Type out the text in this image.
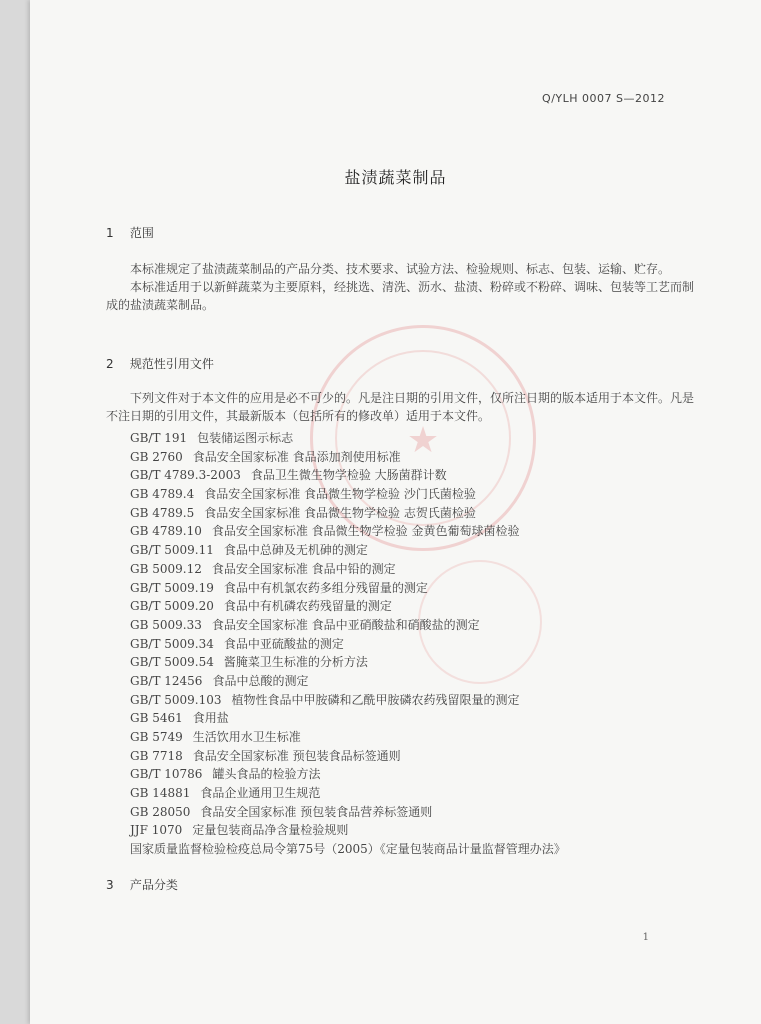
★
Q/YLH 0007 S—2012
盐渍蔬菜制品
1 范围

本标准规定了盐渍蔬菜制品的产品分类、技术要求、试验方法、检验规则、标志、包装、运输、贮存。

本标准适用于以新鲜蔬菜为主要原料，经挑选、清洗、沥水、盐渍、粉碎或不粉碎、调味、包装等工艺而制成的盐渍蔬菜制品。

2 规范性引用文件

下列文件对于本文件的应用是必不可少的。凡是注日期的引用文件，仅所注日期的版本适用于本文件。凡是不注日期的引用文件，其最新版本（包括所有的修改单）适用于本文件。

GB/T 191 包装储运图示标志
GB 2760 食品安全国家标准 食品添加剂使用标准
GB/T 4789.3-2003 食品卫生微生物学检验 大肠菌群计数
GB 4789.4 食品安全国家标准 食品微生物学检验 沙门氏菌检验
GB 4789.5 食品安全国家标准 食品微生物学检验 志贺氏菌检验
GB 4789.10 食品安全国家标准 食品微生物学检验 金黄色葡萄球菌检验
GB/T 5009.11 食品中总砷及无机砷的测定
GB 5009.12 食品安全国家标准 食品中铅的测定
GB/T 5009.19 食品中有机氯农药多组分残留量的测定
GB/T 5009.20 食品中有机磷农药残留量的测定
GB 5009.33 食品安全国家标准 食品中亚硝酸盐和硝酸盐的测定
GB/T 5009.34 食品中亚硫酸盐的测定
GB/T 5009.54 酱腌菜卫生标准的分析方法
GB/T 12456 食品中总酸的测定
GB/T 5009.103 植物性食品中甲胺磷和乙酰甲胺磷农药残留限量的测定
GB 5461 食用盐
GB 5749 生活饮用水卫生标准
GB 7718 食品安全国家标准 预包装食品标签通则
GB/T 10786 罐头食品的检验方法
GB 14881 食品企业通用卫生规范
GB 28050 食品安全国家标准 预包装食品营养标签通则
JJF 1070 定量包装商品净含量检验规则
国家质量监督检验检疫总局令第75号（2005）《定量包装商品计量监督管理办法》
3 产品分类
1
